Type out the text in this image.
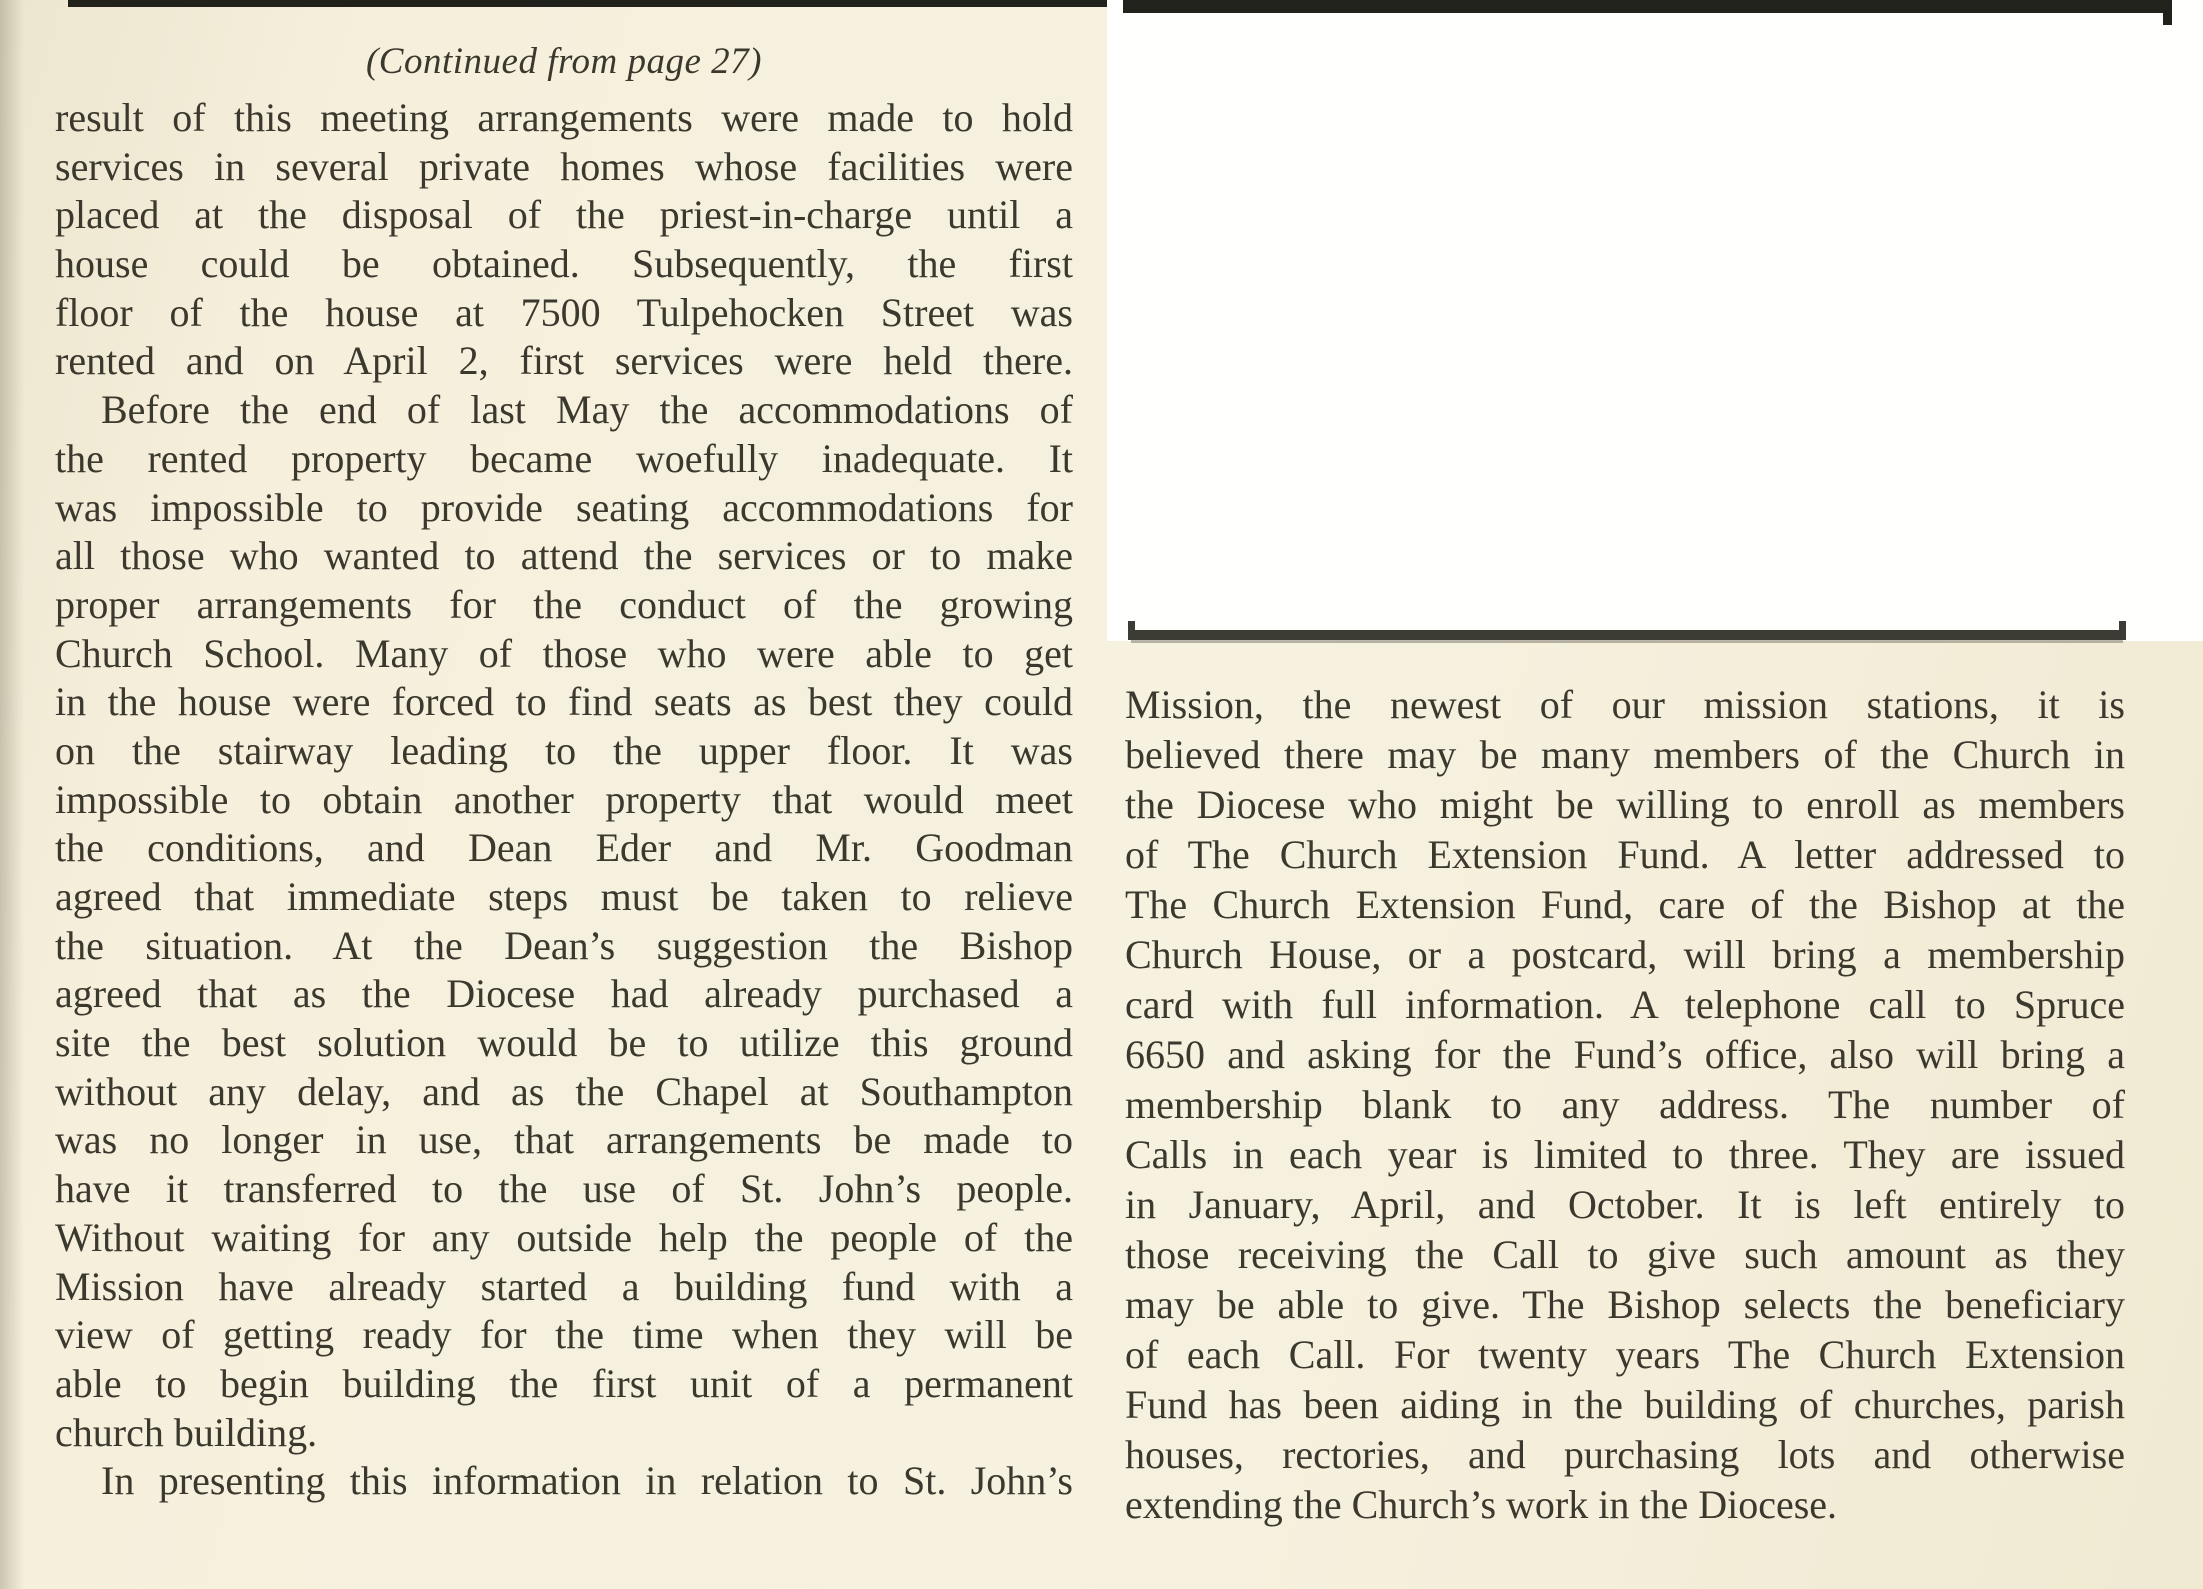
(Continued from page 27)
result of this meeting arrangements were made to hold
services in several private homes whose facilities were
placed at the disposal of the priest-in-charge until a
house could be obtained. Subsequently, the first
floor of the house at 7500 Tulpehocken Street was
rented and on April 2, first services were held there.
Before the end of last May the accommodations of
the rented property became woefully inadequate. It
was impossible to provide seating accommodations for
all those who wanted to attend the services or to make
proper arrangements for the conduct of the growing
Church School. Many of those who were able to get
in the house were forced to find seats as best they could
on the stairway leading to the upper floor. It was
impossible to obtain another property that would meet
the conditions, and Dean Eder and Mr. Goodman
agreed that immediate steps must be taken to relieve
the situation. At the Dean’s suggestion the Bishop
agreed that as the Diocese had already purchased a
site the best solution would be to utilize this ground
without any delay, and as the Chapel at Southampton
was no longer in use, that arrangements be made to
have it transferred to the use of St. John’s people.
Without waiting for any outside help the people of the
Mission have already started a building fund with a
view of getting ready for the time when they will be
able to begin building the first unit of a permanent
church building.
In presenting this information in relation to St. John’s
Mission, the newest of our mission stations, it is
believed there may be many members of the Church in
the Diocese who might be willing to enroll as members
of The Church Extension Fund. A letter addressed to
The Church Extension Fund, care of the Bishop at the
Church House, or a postcard, will bring a membership
card with full information. A telephone call to Spruce
6650 and asking for the Fund’s office, also will bring a
membership blank to any address. The number of
Calls in each year is limited to three. They are issued
in January, April, and October. It is left entirely to
those receiving the Call to give such amount as they
may be able to give. The Bishop selects the beneficiary
of each Call. For twenty years The Church Extension
Fund has been aiding in the building of churches, parish
houses, rectories, and purchasing lots and otherwise
extending the Church’s work in the Diocese.
